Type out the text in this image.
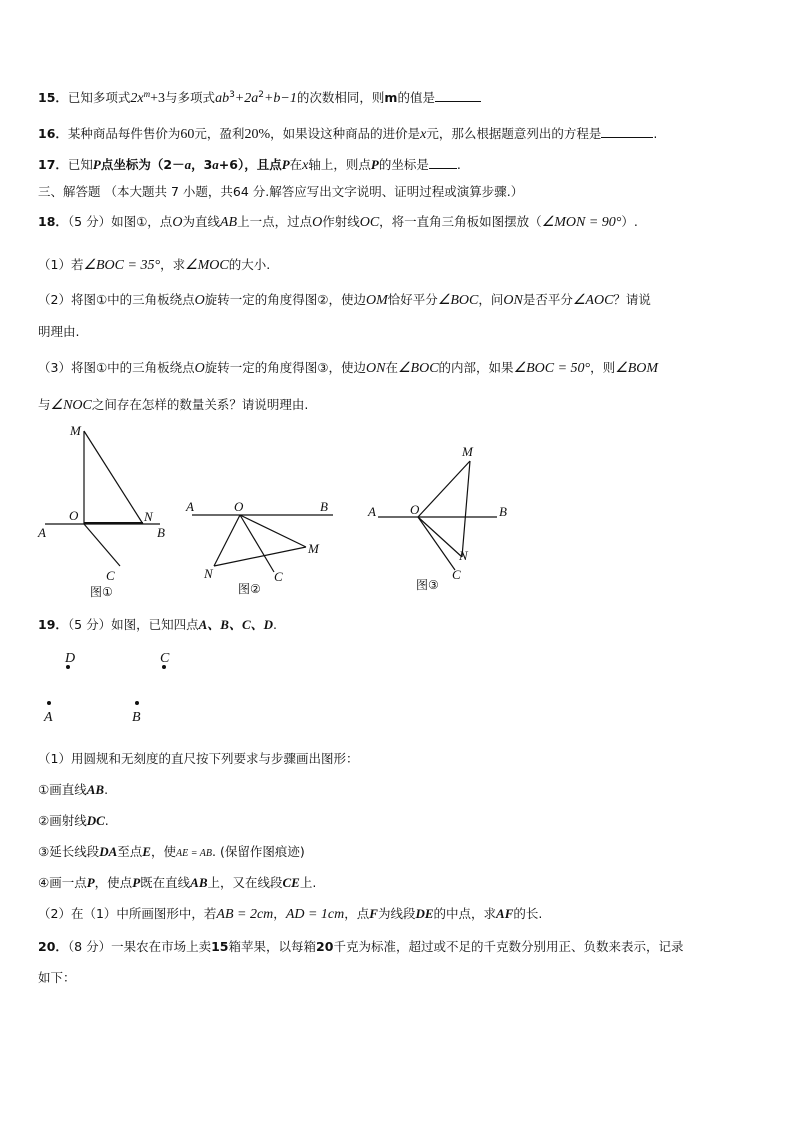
15．已知多项式$2x^m+3$与多项式$ab^3+2a^2+b-1$的次数相同，则m的值是
16．某种商品每件售价为60元，盈利20%，如果设这种商品的进价是x元，那么根据题意列出的方程是	.
17．已知P点坐标为（2－a，3a+6），且点P在x轴上，则点P的坐标是 .
三、解答题 （本大题共 7 小题，共64 分.解答应写出文字说明、证明过程或演算步骤.）
18．（5 分）如图①，点O为直线AB上一点，过点O作射线OC，将一直角三角板如图摆放（∠MON = 90°）.
（1）若∠BOC = 35°，求∠MOC的大小.
（2）将图①中的三角板绕点O旋转一定的角度得图②，使边OM恰好平分∠BOC，问ON是否平分∠AOC？请说
明理由.
（3）将图①中的三角板绕点O旋转一定的角度得图③，使边ON在∠BOC的内部，如果∠BOC = 50°，则∠BOM
与∠NOC之间存在怎样的数量关系？请说明理由.
M
O	N
A	B
C
图①
A	O	B
M
N	C
图②
M
A	O	B
N
C
图③
19．（5 分）如图，已知四点A、B、C、D.
D	C
A	B
（1）用圆规和无刻度的直尺按下列要求与步骤画出图形：
①画直线AB.
②画射线DC.
③延长线段DA至点E，使AE = AB. (保留作图痕迹)
④画一点P，使点P既在直线AB上，又在线段CE上.
（2）在（1）中所画图形中，若AB = 2cm，AD = 1cm，点F为线段DE的中点，求AF的长.
20．（8 分）一果农在市场上卖15箱苹果，以每箱20千克为标准，超过或不足的千克数分别用正、负数来表示，记录
如下：
